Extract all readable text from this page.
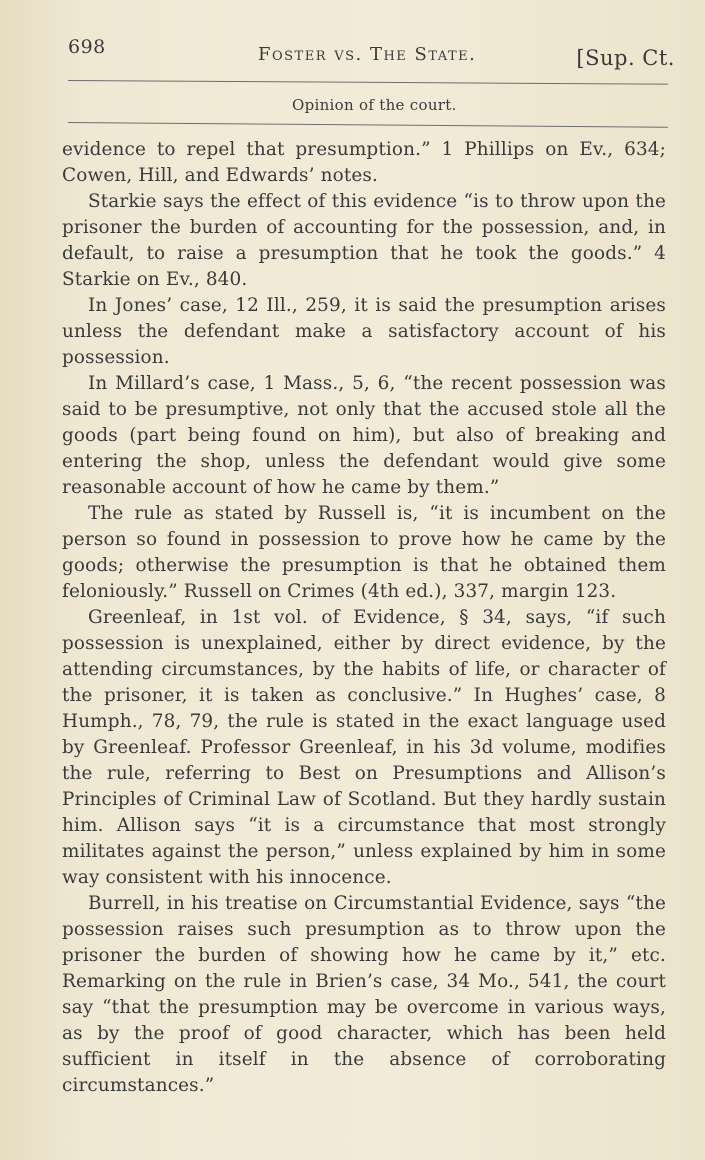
698	Foster vs. The State.	[Sup. Ct.
Opinion of the court.

evidence to repel that presumption.” 1 Phillips on Ev., 634; Cowen, Hill, and Edwards’ notes.

Starkie says the effect of this evidence “is to throw upon the prisoner the burden of accounting for the possession, and, in default, to raise a presumption that he took the goods.” 4 Starkie on Ev., 840.

In Jones’ case, 12 Ill., 259, it is said the presumption arises unless the defendant make a satisfactory account of his possession.

In Millard’s case, 1 Mass., 5, 6, “the recent possession was said to be presumptive, not only that the accused stole all the goods (part being found on him), but also of breaking and entering the shop, unless the defendant would give some reasonable account of how he came by them.”

The rule as stated by Russell is, “it is incumbent on the person so found in possession to prove how he came by the goods; otherwise the presumption is that he obtained them feloniously.” Russell on Crimes (4th ed.), 337, margin 123.

Greenleaf, in 1st vol. of Evidence, § 34, says, “if such possession is unexplained, either by direct evidence, by the attending circumstances, by the habits of life, or character of the prisoner, it is taken as conclusive.” In Hughes’ case, 8 Humph., 78, 79, the rule is stated in the exact language used by Greenleaf. Professor Greenleaf, in his 3d volume, modifies the rule, referring to Best on Presumptions and Allison’s Principles of Criminal Law of Scotland. But they hardly sustain him. Allison says “it is a circumstance that most strongly militates against the person,” unless explained by him in some way consistent with his innocence.

Burrell, in his treatise on Circumstantial Evidence, says “the possession raises such presumption as to throw upon the prisoner the burden of showing how he came by it,” etc. Remarking on the rule in Brien’s case, 34 Mo., 541, the court say “that the presumption may be overcome in various ways, as by the proof of good character, which has been held sufficient in itself in the absence of corroborating circumstances.”
